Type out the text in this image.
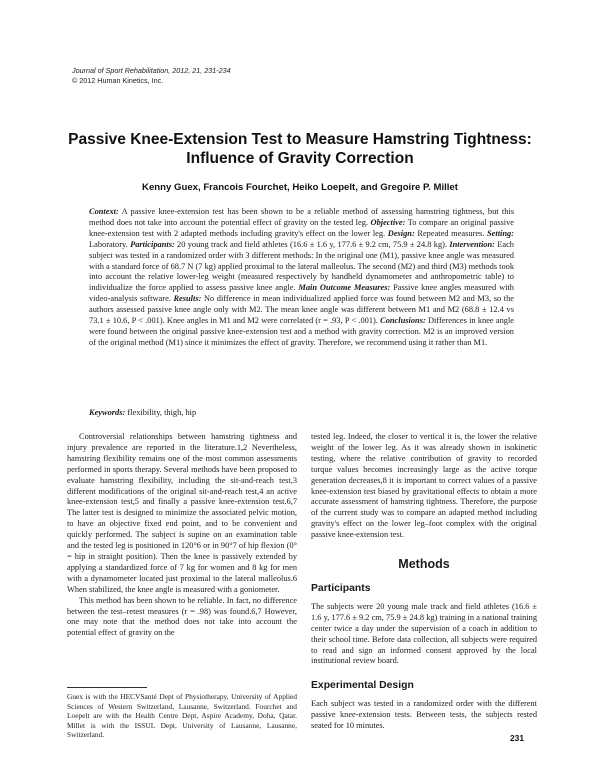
Journal of Sport Rehabilitation, 2012, 21, 231-234
© 2012 Human Kinetics, Inc.
Passive Knee-Extension Test to Measure Hamstring Tightness: Influence of Gravity Correction
Kenny Guex, Francois Fourchet, Heiko Loepelt, and Gregoire P. Millet
Context: A passive knee-extension test has been shown to be a reliable method of assessing hamstring tightness, but this method does not take into account the potential effect of gravity on the tested leg. Objective: To compare an original passive knee-extension test with 2 adapted methods including gravity's effect on the lower leg. Design: Repeated measures. Setting: Laboratory. Participants: 20 young track and field athletes (16.6 ± 1.6 y, 177.6 ± 9.2 cm, 75.9 ± 24.8 kg). Intervention: Each subject was tested in a randomized order with 3 different methods: In the original one (M1), passive knee angle was measured with a standard force of 68.7 N (7 kg) applied proximal to the lateral malleolus. The second (M2) and third (M3) methods took into account the relative lower-leg weight (measured respectively by handheld dynamometer and anthropometric table) to individualize the force applied to assess passive knee angle. Main Outcome Measures: Passive knee angles measured with video-analysis software. Results: No difference in mean individualized applied force was found between M2 and M3, so the authors assessed passive knee angle only with M2. The mean knee angle was different between M1 and M2 (68.8 ± 12.4 vs 73.1 ± 10.6, P < .001). Knee angles in M1 and M2 were correlated (r = .93, P < .001). Conclusions: Differences in knee angle were found between the original passive knee-extension test and a method with gravity correction. M2 is an improved version of the original method (M1) since it minimizes the effect of gravity. Therefore, we recommend using it rather than M1.
Keywords: flexibility, thigh, hip

Controversial relationships between hamstring tightness and injury prevalence are reported in the literature.1,2 Nevertheless, hamstring flexibility remains one of the most common assessments performed in sports therapy. Several methods have been proposed to evaluate hamstring flexibility, including the sit-and-reach test,3 different modifications of the original sit-and-reach test,4 an active knee-extension test,5 and finally a passive knee-extension test.6,7 The latter test is designed to minimize the associated pelvic motion, to have an objective fixed end point, and to be convenient and quickly performed. The subject is supine on an examination table and the tested leg is positioned in 120°6 or in 90°7 of hip flexion (0° = hip in straight position). Then the knee is passively extended by applying a standardized force of 7 kg for women and 8 kg for men with a dynamometer located just proximal to the lateral malleolus.6 When stabilized, the knee angle is measured with a goniometer.

This method has been shown to be reliable. In fact, no difference between the test–retest measures (r = .98) was found.6,7 However, one may note that the method does not take into account the potential effect of gravity on the

tested leg. Indeed, the closer to vertical it is, the lower the relative weight of the lower leg. As it was already shown in isokinetic testing, where the relative contribution of gravity to recorded torque values becomes increasingly large as the active torque generation decreases,8 it is important to correct values of a passive knee-extension test biased by gravitational effects to obtain a more accurate assessment of hamstring tightness. Therefore, the purpose of the current study was to compare an adapted method including gravity's effect on the lower leg–foot complex with the original passive knee-extension test.

Methods
Participants

The subjects were 20 young male track and field athletes (16.6 ± 1.6 y, 177.6 ± 9.2 cm, 75.9 ± 24.8 kg) training in a national training center twice a day under the supervision of a coach in addition to their school time. Before data collection, all subjects were required to read and sign an informed consent approved by the local institutional review board.

Experimental Design

Each subject was tested in a randomized order with the different passive knee-extension tests. Between tests, the subjects rested seated for 10 minutes.

Guex is with the HECVSanté Dept of Physiotherapy, University of Applied Sciences of Western Switzerland, Lausanne, Switzerland. Fourchet and Loepelt are with the Health Centre Dept, Aspire Academy, Doha, Qatar. Millet is with the ISSUL Dept, University of Lausanne, Lausanne, Switzerland.	231
